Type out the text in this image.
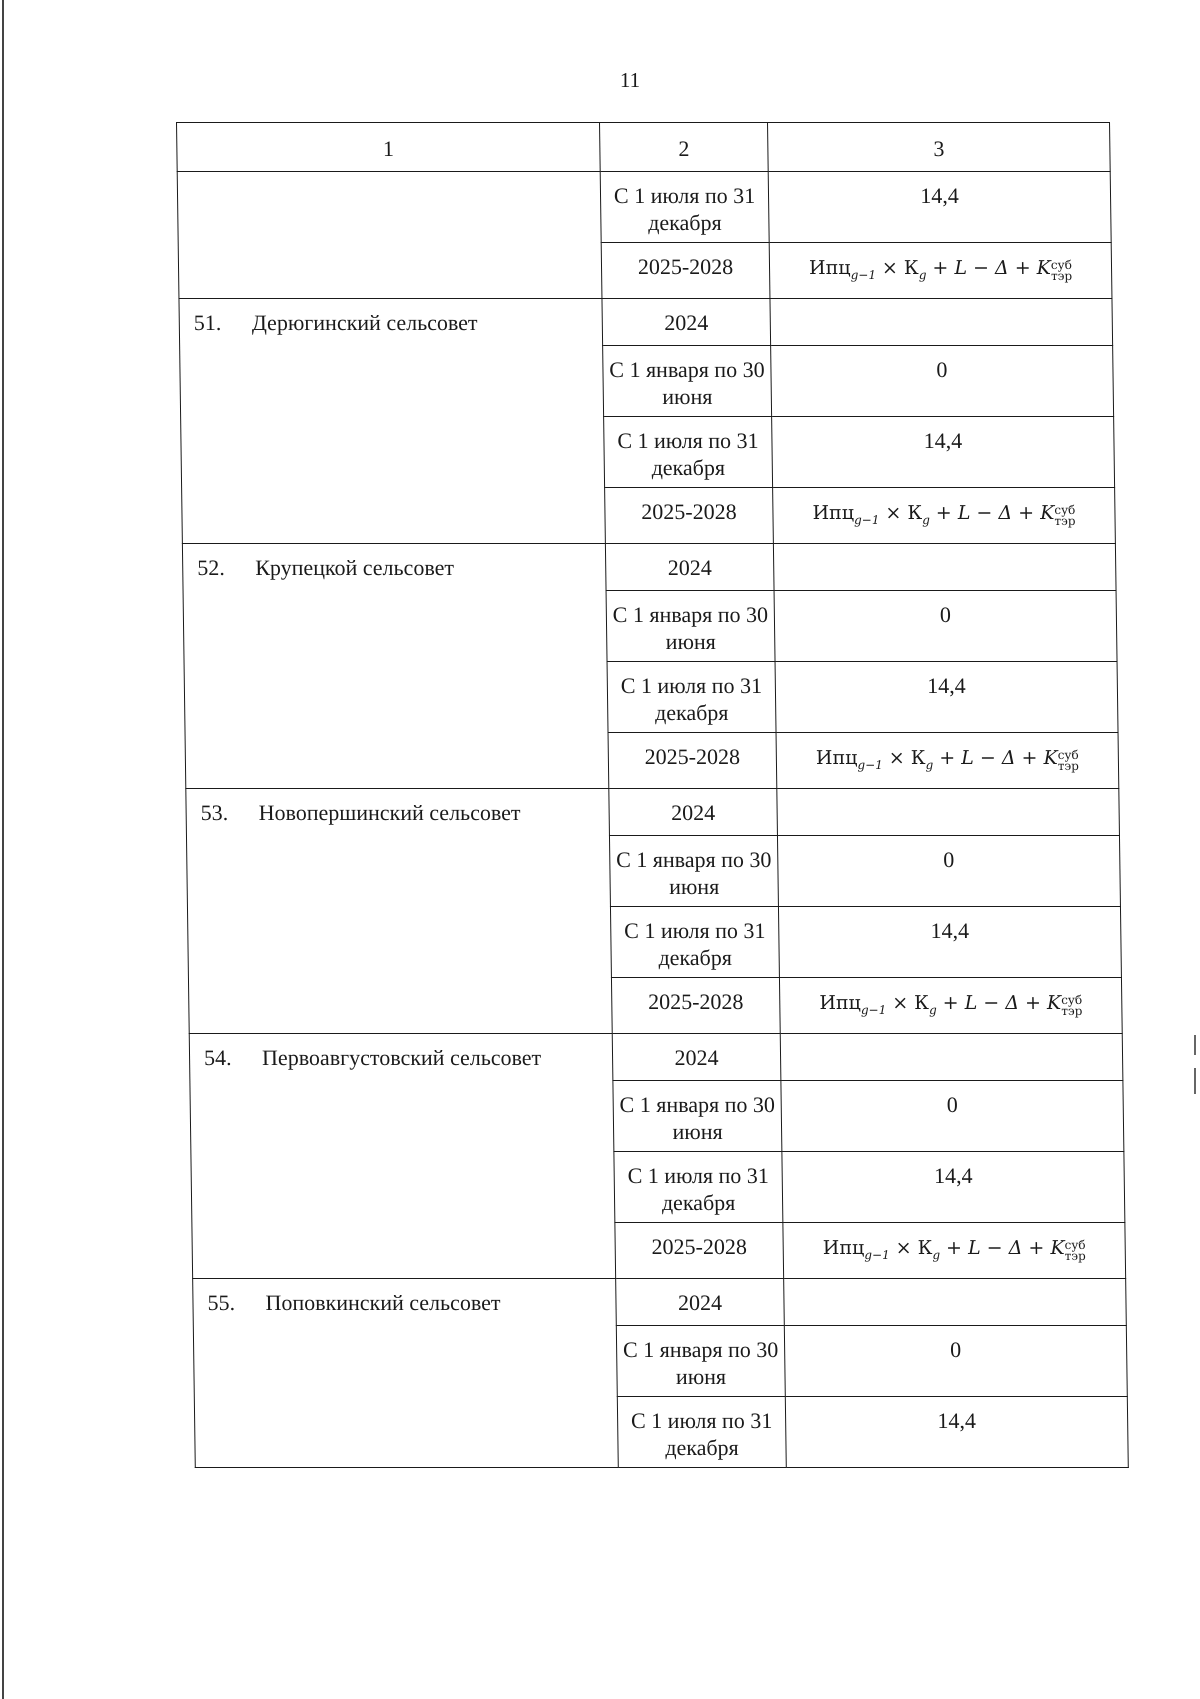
11
1	2	3
	С 1 июля по 31 декабря	14,4
	2025-2028	$Ипц_{g-1} \times К_g + L - \Delta + K$ суб
тэр

51. Дерюгинский сельсовет	2024	
	С 1 января по 30 июня	0
	С 1 июля по 31 декабря	14,4
	2025-2028	$Ипц_{g-1} \times К_g + L - \Delta + K$ суб
тэр

52. Крупецкой сельсовет	2024	
	С 1 января по 30 июня	0
	С 1 июля по 31 декабря	14,4
	2025-2028	$Ипц_{g-1} \times К_g + L - \Delta + K$ суб
тэр

53. Новопершинский сельсовет	2024	
	С 1 января по 30 июня	0
	С 1 июля по 31 декабря	14,4
	2025-2028	$Ипц_{g-1} \times К_g + L - \Delta + K$ суб
тэр

54. Первоавгустовский сельсовет	2024	
	С 1 января по 30 июня	0
	С 1 июля по 31 декабря	14,4
	2025-2028	$Ипц_{g-1} \times К_g + L - \Delta + K$ суб
тэр

55. Поповкинский сельсовет	2024	
	С 1 января по 30 июня	0
	С 1 июля по 31 декабря	14,4
